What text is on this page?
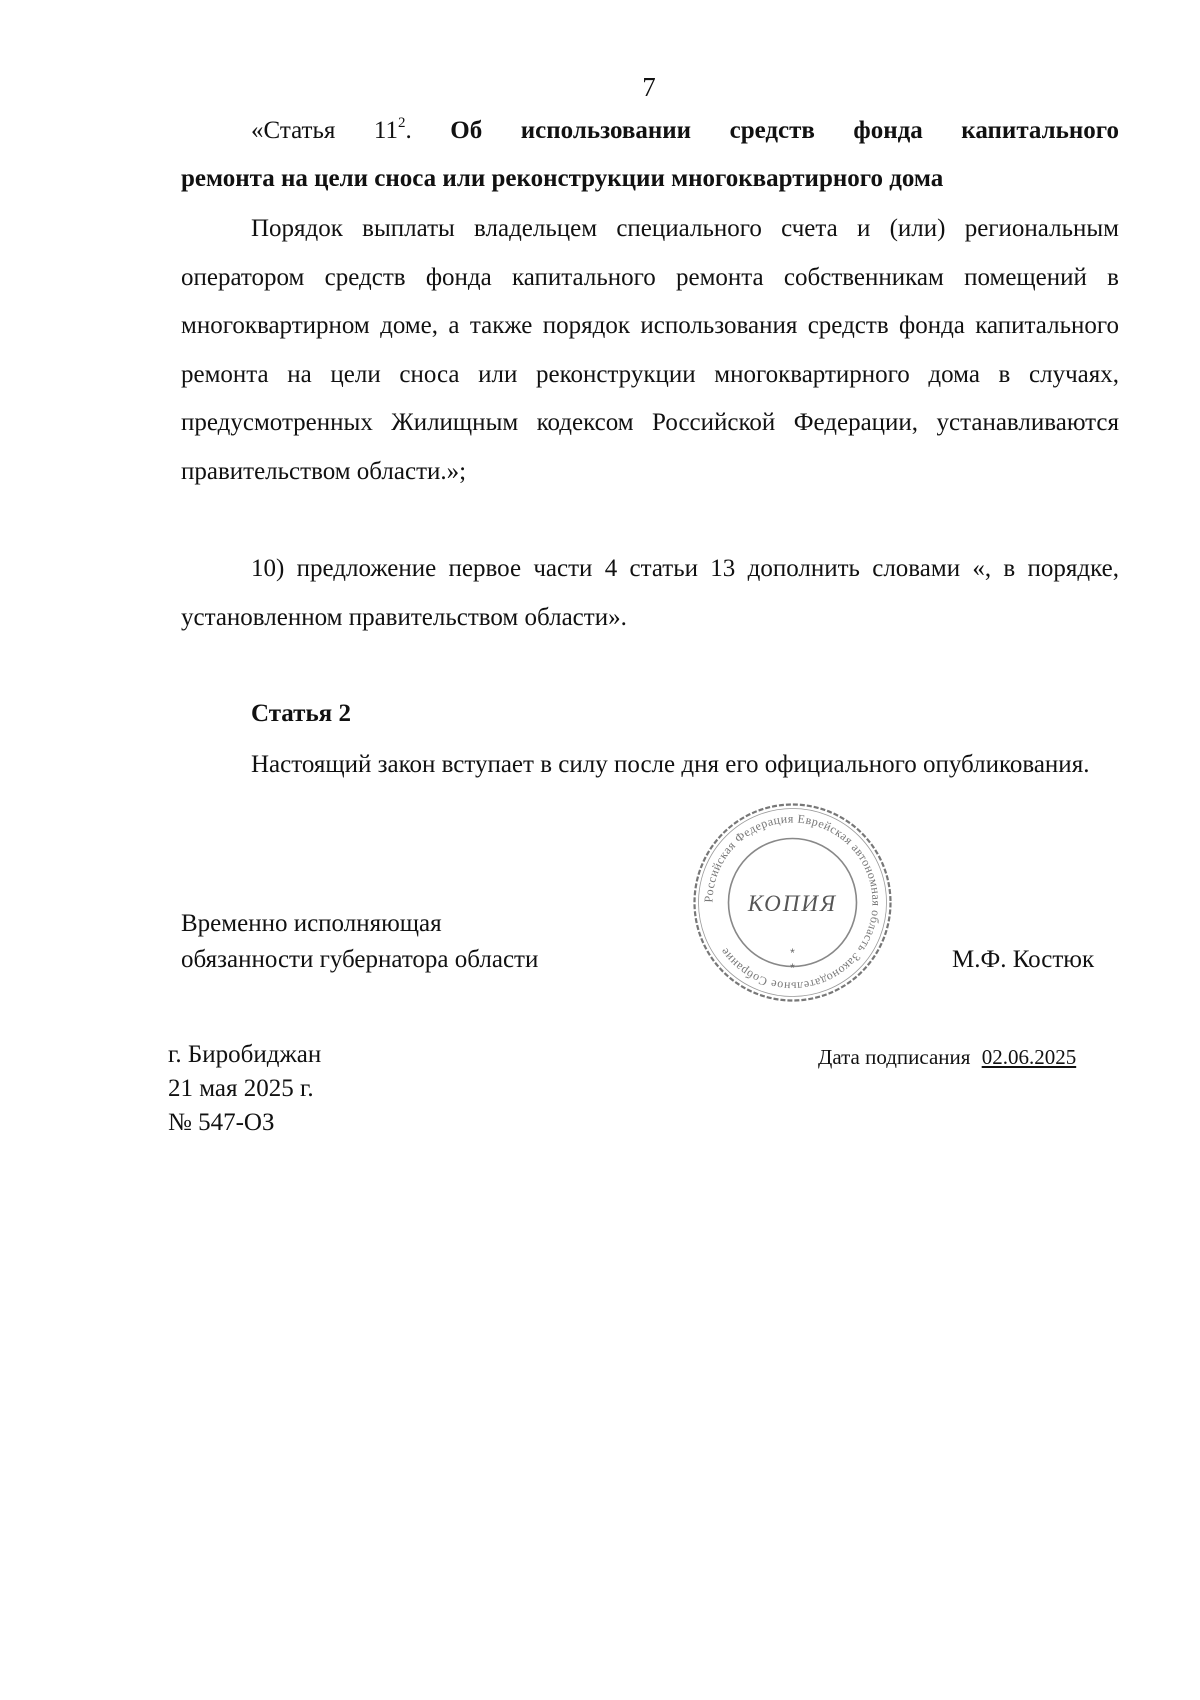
7
«Статья $11^2$. Об использовании средств фонда капитального
ремонта на цели сноса или реконструкции многоквартирного дома
Порядок выплаты владельцем специального счета и (или) региональным оператором средств фонда капитального ремонта собственникам помещений в многоквартирном доме, а также порядок использования средств фонда капитального ремонта на цели сноса или реконструкции многоквартирного дома в случаях, предусмотренных Жилищным кодексом Российской Федерации, устанавливаются правительством области.»;
10) предложение первое части 4 статьи 13 дополнить словами «, в порядке, установленном правительством области».
Статья 2
Настоящий закон вступает в силу после дня его официального опубликования.
Российская Федерация Еврейская автономная область Законодательное Собрание
КОПИЯ
*
*
Временно исполняющая
обязанности губернатора области	М.Ф. Костюк
г. Биробиджан
21 мая 2025 г.
№ 547-ОЗ
Дата подписания 02.06.2025
